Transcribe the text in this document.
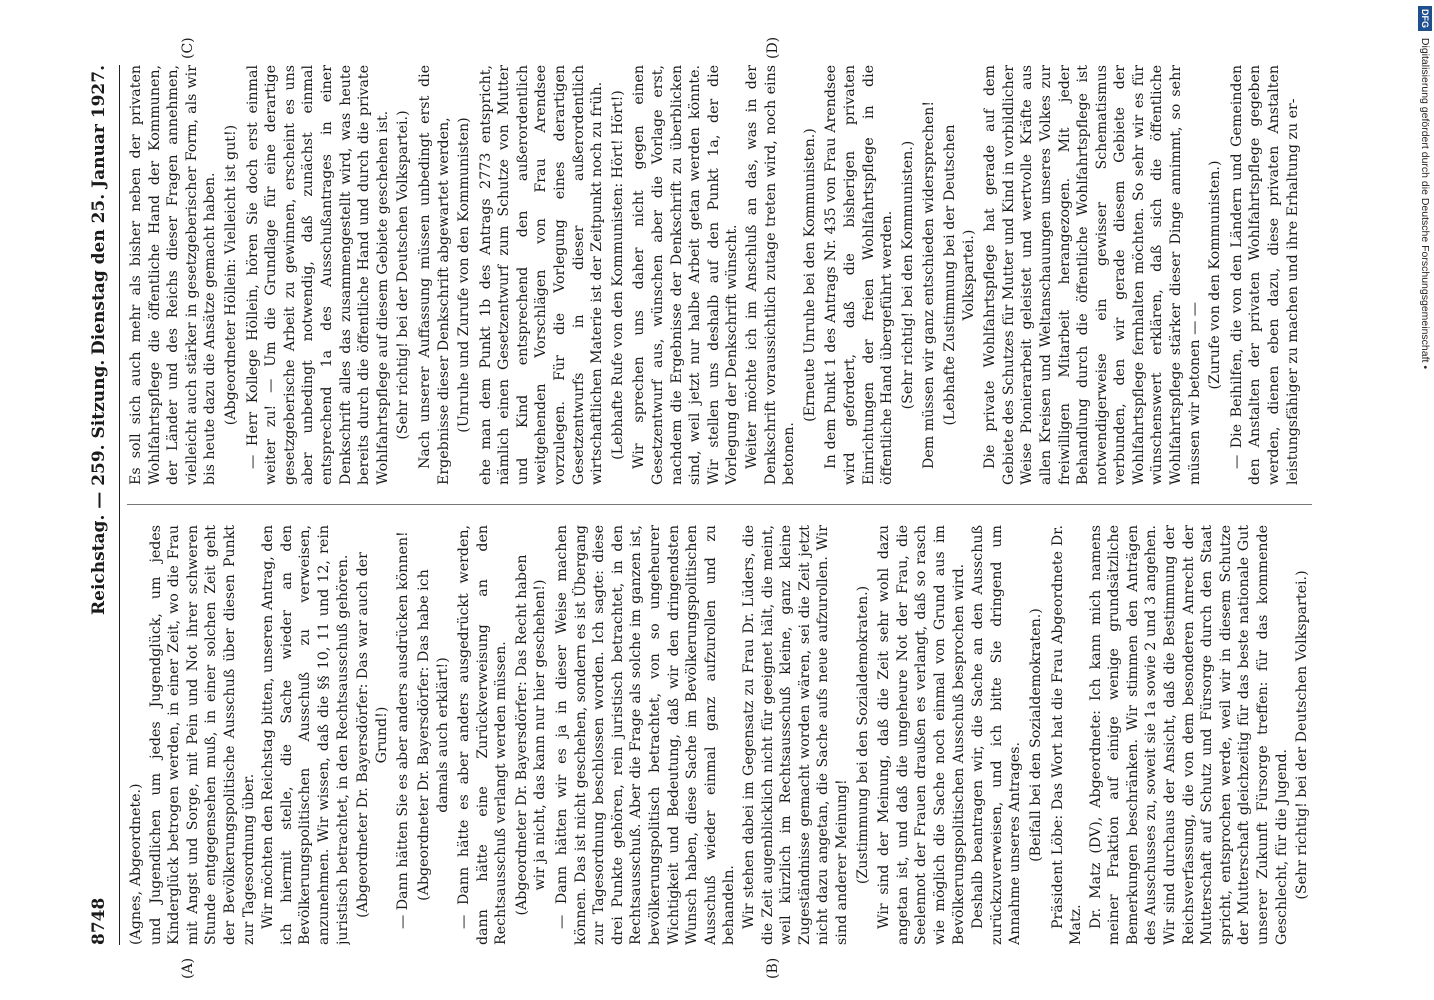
8748
Reichstag. — 259. Sitzung.
Dienstag den 25. Januar 1927.
(A)	(B)
(C)	(D)

(Agnes, Abgeordnete.) und Jugendlichen um jedes Jugendglück, um jedes Kinderglück betrogen werden, in einer Zeit, wo die Frau mit Angst und Sorge, mit Pein und Not ihrer schweren Stunde entgegensehen muß, in einer solchen Zeit geht der Bevölkerungspolitische Ausschuß über diesen Punkt zur Tagesordnung über. Wir möchten den Reichstag bitten, unseren Antrag, den ich hiermit stelle, die Sache wieder an den Bevölkerungspolitischen Ausschuß zu verweisen, anzunehmen. Wir wissen, daß die §§ 10, 11 und 12, rein juristisch betrachtet, in den Rechtsausschuß gehören. (Abgeordneter Dr. Bayersdörfer: Das war auch der Grund!) — Dann hätten Sie es aber anders ausdrücken können! (Abgeordneter Dr. Bayersdörfer: Das habe ich damals auch erklärt!) — Dann hätte es aber anders ausgedrückt werden, dann hätte eine Zurückverweisung an den Rechtsausschuß verlangt werden müssen. (Abgeordneter Dr. Bayersdörfer: Das Recht haben wir ja nicht, das kann nur hier geschehen!) — Dann hätten wir es ja in dieser Weise machen können. Das ist nicht geschehen, sondern es ist Übergang zur Tagesordnung beschlossen worden. Ich sagte: diese drei Punkte gehören, rein juristisch betrachtet, in den Rechtsausschuß. Aber die Frage als solche im ganzen ist, bevölkerungspolitisch betrachtet, von so ungeheurer Wichtigkeit und Bedeutung, daß wir den dringendsten Wunsch haben, diese Sache im Bevölkerungspolitischen Ausschuß wieder einmal ganz aufzurollen und zu behandeln. Wir stehen dabei im Gegensatz zu Frau Dr. Lüders, die die Zeit augenblicklich nicht für geeignet hält, die meint, weil kürzlich im Rechtsausschuß kleine, ganz kleine Zugeständnisse gemacht worden wären, sei die Zeit jetzt nicht dazu angetan, die Sache aufs neue aufzurollen. Wir sind anderer Meinung! (Zustimmung bei den Sozialdemokraten.) Wir sind der Meinung, daß die Zeit sehr wohl dazu angetan ist, und daß die ungeheure Not der Frau, die Seelennot der Frauen draußen es verlangt, daß so rasch wie möglich die Sache noch einmal von Grund aus im Bevölkerungspolitischen Ausschuß besprochen wird. Deshalb beantragen wir, die Sache an den Ausschuß zurückzuverweisen, und ich bitte Sie dringend um Annahme unseres Antrages. (Beifall bei den Sozialdemokraten.) Präsident Löbe: Das Wort hat die Frau Abgeordnete Dr. Matz. Dr. Matz (DV), Abgeordnete: Ich kann mich namens meiner Fraktion auf einige wenige grundsätzliche Bemerkungen beschränken. Wir stimmen den Anträgen des Ausschusses zu, soweit sie 1a sowie 2 und 3 angehen. Wir sind durchaus der Ansicht, daß die Bestimmung der Reichsverfassung, die von dem besonderen Anrecht der Mutterschaft auf Schutz und Fürsorge durch den Staat spricht, entsprochen werde, weil wir in diesem Schutze der Mutterschaft gleichzeitig für das beste nationale Gut unserer Zukunft Fürsorge treffen: für das kommende Geschlecht, für die Jugend. (Sehr richtig! bei der Deutschen Volkspartei.)

Es soll sich auch mehr als bisher neben der privaten Wohlfahrtspflege die öffentliche Hand der Kommunen, der Länder und des Reichs dieser Fragen annehmen, vielleicht auch stärker in gesetzgeberischer Form, als wir bis heute dazu die Ansätze gemacht haben. (Abgeordneter Höllein: Vielleicht ist gut!) — Herr Kollege Höllein, hören Sie doch erst einmal weiter zu! — Um die Grundlage für eine derartige gesetzgeberische Arbeit zu gewinnen, erscheint es uns aber unbedingt notwendig, daß zunächst einmal entsprechend 1a des Ausschußantrages in einer Denkschrift alles das zusammengestellt wird, was heute bereits durch die öffentliche Hand und durch die private Wohlfahrtspflege auf diesem Gebiete geschehen ist. (Sehr richtig! bei der Deutschen Volkspartei.) Nach unserer Auffassung müssen unbedingt erst die Ergebnisse dieser Denkschrift abgewartet werden, (Unruhe und Zurufe von den Kommunisten) ehe man dem Punkt 1b des Antrags 2773 entspricht, nämlich einen Gesetzentwurf zum Schutze von Mutter und Kind entsprechend den außerordentlich weitgehenden Vorschlägen von Frau Arendsee vorzulegen. Für die Vorlegung eines derartigen Gesetzentwurfs in dieser außerordentlich wirtschaftlichen Materie ist der Zeitpunkt noch zu früh. (Lebhafte Rufe von den Kommunisten: Hört! Hört!) Wir sprechen uns daher nicht gegen einen Gesetzentwurf aus, wünschen aber die Vorlage erst, nachdem die Ergebnisse der Denkschrift zu überblicken sind, weil jetzt nur halbe Arbeit getan werden könnte. Wir stellen uns deshalb auf den Punkt 1a, der die Vorlegung der Denkschrift wünscht. Weiter möchte ich im Anschluß an das, was in der Denkschrift voraussichtlich zutage treten wird, noch eins betonen.

(Erneute Unruhe bei den Kommunisten.) In dem Punkt 1 des Antrags Nr. 435 von Frau Arendsee wird gefordert, daß die bisherigen privaten Einrichtungen der freien Wohlfahrtspflege in die öffentliche Hand übergeführt werden. (Sehr richtig! bei den Kommunisten.) Dem müssen wir ganz entschieden widersprechen! (Lebhafte Zustimmung bei der Deutschen Volkspartei.) Die private Wohlfahrtspflege hat gerade auf dem Gebiete des Schutzes für Mutter und Kind in vorbildlicher Weise Pionierarbeit geleistet und wertvolle Kräfte aus allen Kreisen und Weltanschauungen unseres Volkes zur freiwilligen Mitarbeit herangezogen. Mit jeder Behandlung durch die öffentliche Wohlfahrtspflege ist notwendigerweise ein gewisser Schematismus verbunden, den wir gerade diesem Gebiete der Wohlfahrtspflege fernhalten möchten. So sehr wir es für wünschenswert erklären, daß sich die öffentliche Wohlfahrtspflege stärker dieser Dinge annimmt, so sehr müssen wir betonen — —

(Zurufe von den Kommunisten.) — Die Beihilfen, die von den Ländern und Gemeinden den Anstalten der privaten Wohlfahrtspflege gegeben werden, dienen eben dazu, diese privaten Anstalten leistungsfähiger zu machen und ihre Erhaltung zu er-

DFG Digitalisierung gefördert durch die Deutsche Forschungsgemeinschaft •
